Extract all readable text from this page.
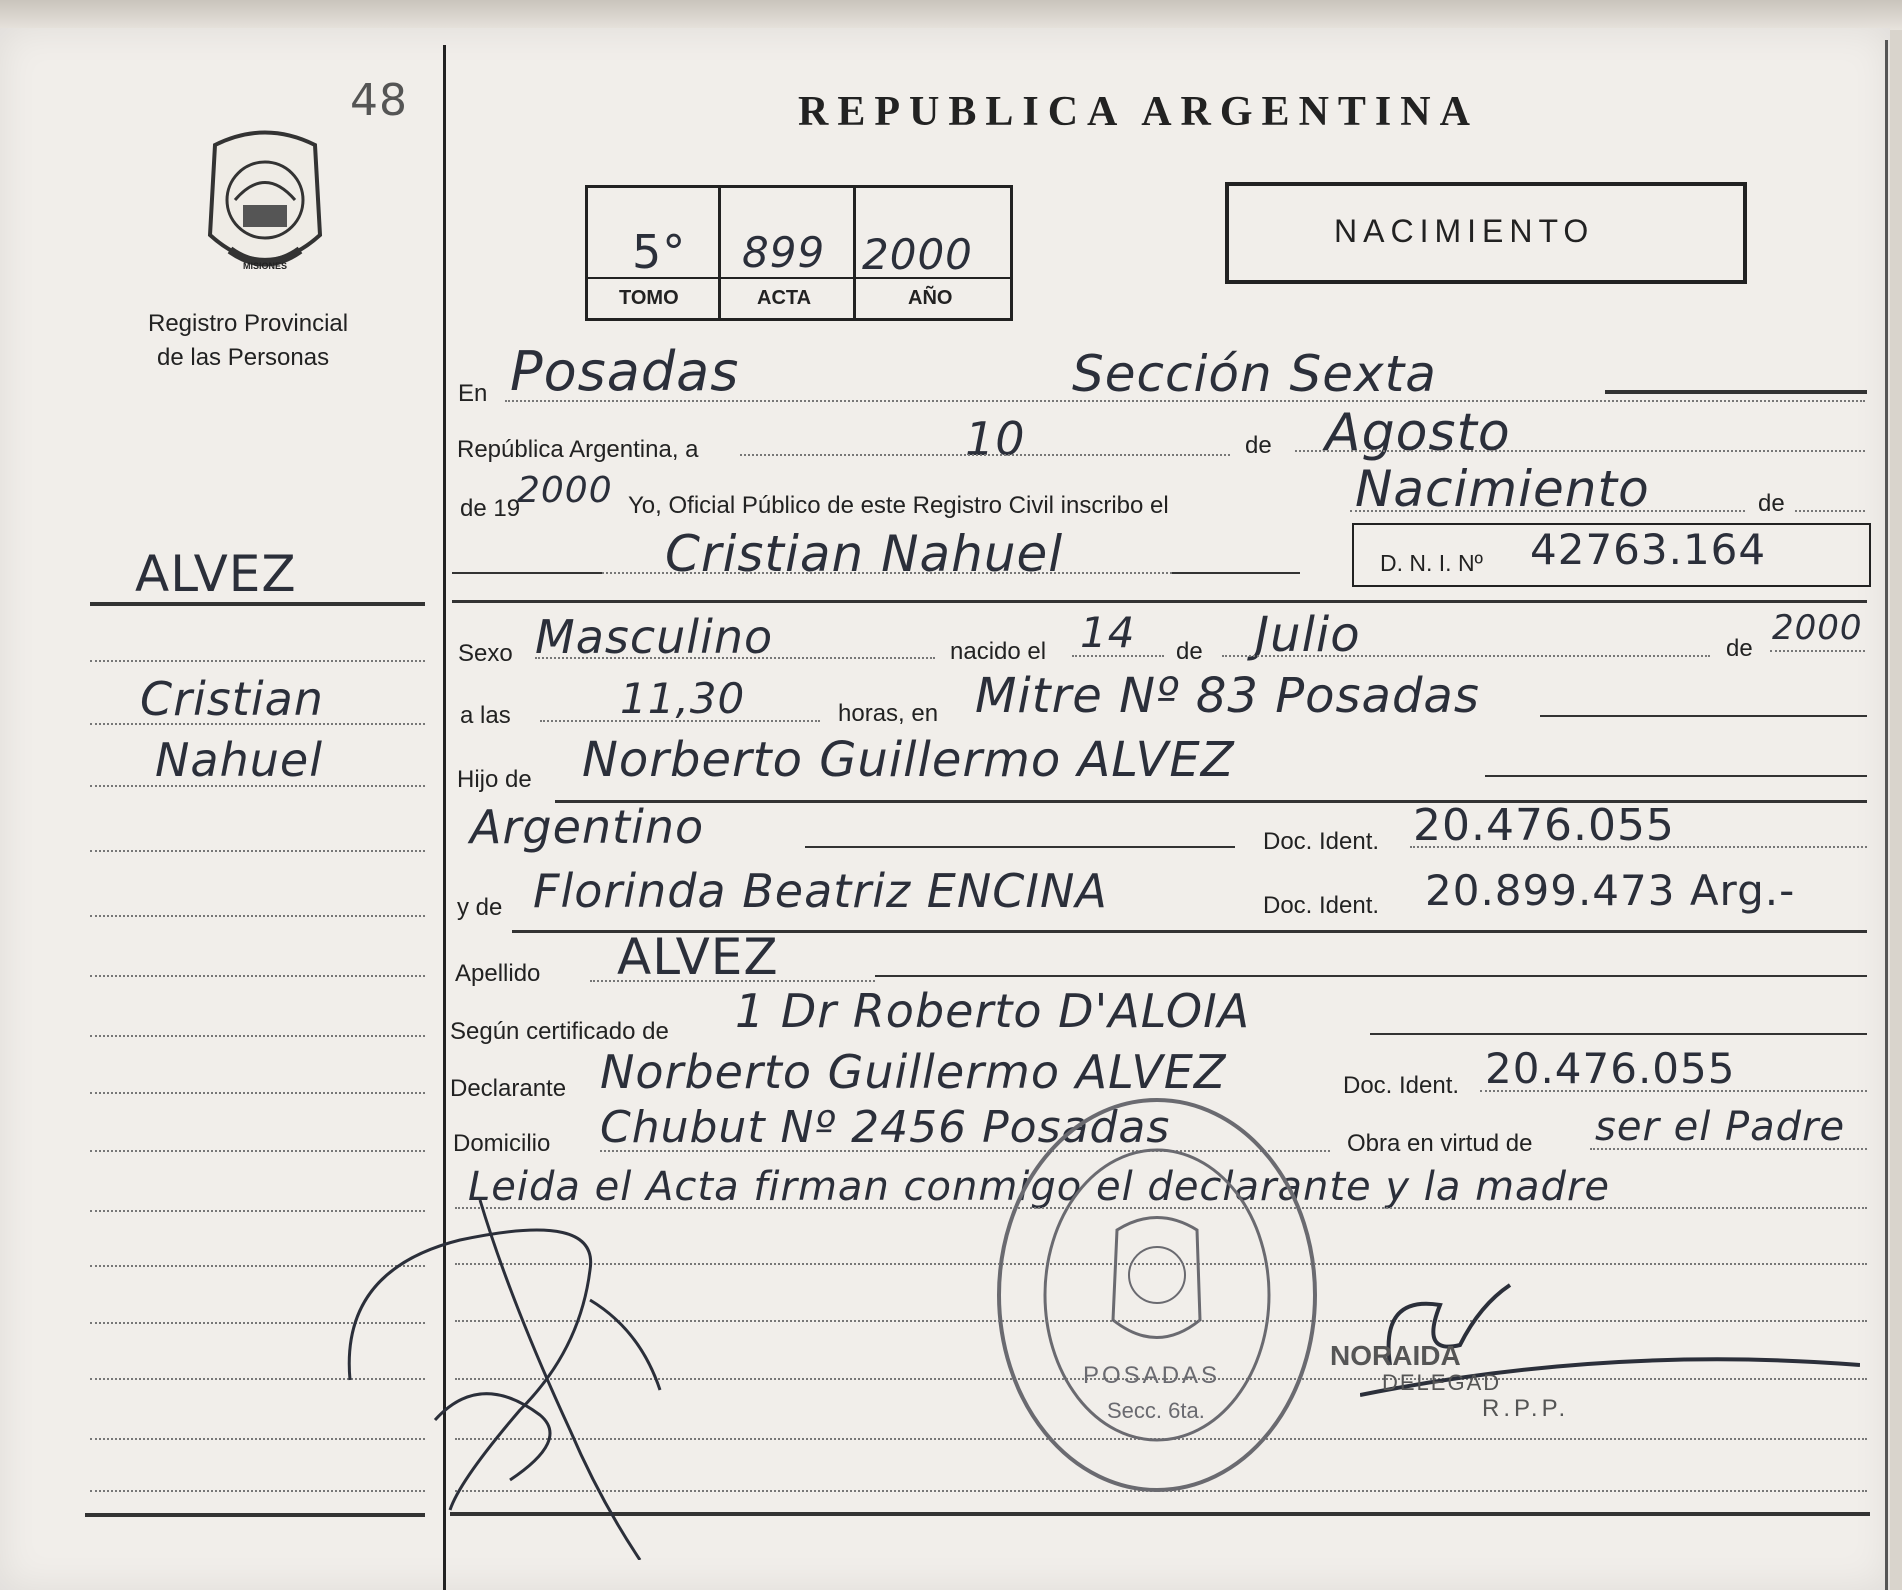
48
MISIONES
Registro Provincial
de las Personas
ALVEZ
Cristian
Nahuel
REPUBLICA ARGENTINA
5° 899 2000
TOMO	ACTA	AÑO
NACIMIENTO
En Posadas	Sección Sexta
República Argentina, a	10	de Agosto
de 19
2000 Yo, Oficial Público de este Registro Civil inscribo el	Nacimiento	de
Cristian Nahuel	D. N. I. Nº 42763.164
Sexo Masculino	nacido el 14 de Julio	de
2000
a las	11,30	horas, en Mitre Nº 83 Posadas
Hijo de Norberto Guillermo ALVEZ
Argentino	Doc. Ident. 20.476.055
y de Florinda Beatriz ENCINA	Doc. Ident. 20.899.473 Arg.-
Apellido ALVEZ
Según certificado de 1 Dr Roberto D'ALOIA
Declarante Norberto Guillermo ALVEZ	Doc. Ident. 20.476.055
Domicilio Chubut Nº 2456 Posadas	Obra en virtud de ser el Padre
Leida el Acta firman conmigo el declarante y la madre
POSADAS
Secc. 6ta.
NORAIDA
DELEGAD
R.P.P.
